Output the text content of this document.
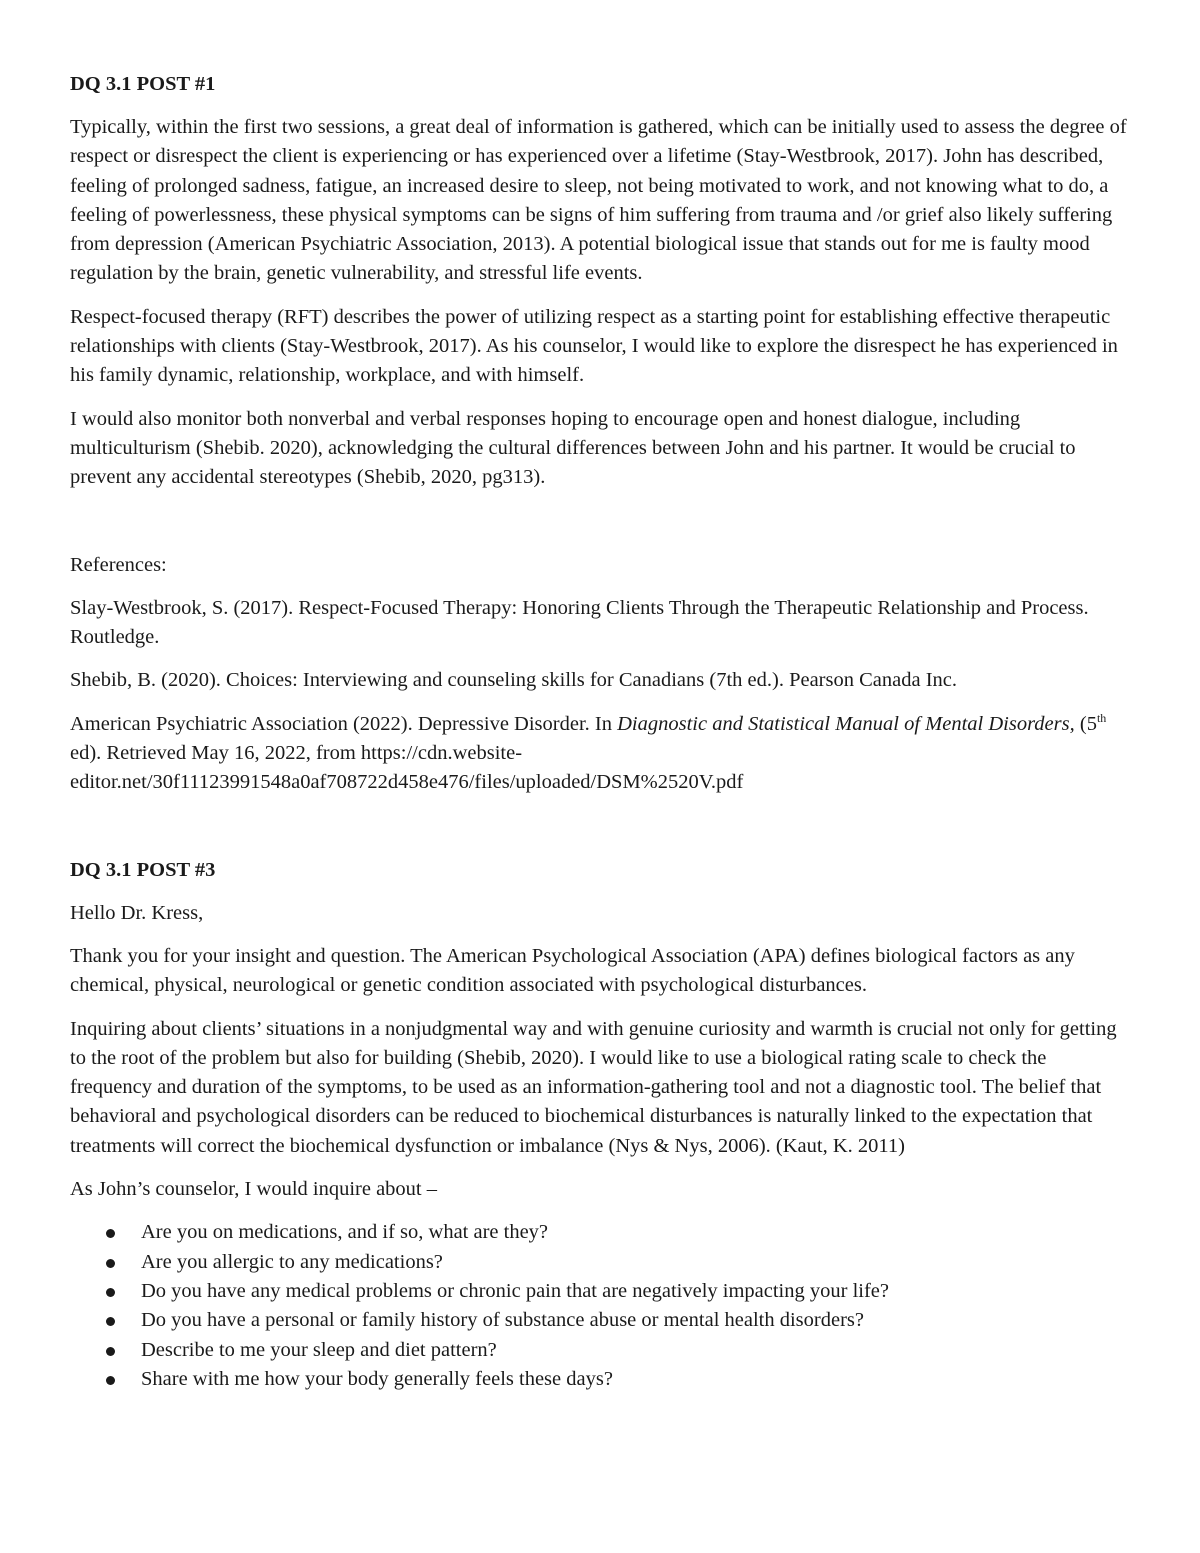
DQ 3.1 POST #1

Typically, within the first two sessions, a great deal of information is gathered, which can be initially used to assess the degree of respect or disrespect the client is experiencing or has experienced over a lifetime (Stay-Westbrook, 2017). John has described, feeling of prolonged sadness, fatigue, an increased desire to sleep, not being motivated to work, and not knowing what to do, a feeling of powerlessness, these physical symptoms can be signs of him suffering from trauma and /or grief also likely suffering from depression (American Psychiatric Association, 2013). A potential biological issue that stands out for me is faulty mood regulation by the brain, genetic vulnerability, and stressful life events.

Respect-focused therapy (RFT) describes the power of utilizing respect as a starting point for establishing effective therapeutic relationships with clients (Stay-Westbrook, 2017). As his counselor, I would like to explore the disrespect he has experienced in his family dynamic, relationship, workplace, and with himself.

I would also monitor both nonverbal and verbal responses hoping to encourage open and honest dialogue, including multiculturism (Shebib. 2020), acknowledging the cultural differences between John and his partner. It would be crucial to prevent any accidental stereotypes (Shebib, 2020, pg313).

References:

Slay-Westbrook, S. (2017). Respect-Focused Therapy: Honoring Clients Through the Therapeutic Relationship and Process. Routledge.

Shebib, B. (2020). Choices: Interviewing and counseling skills for Canadians (7th ed.). Pearson Canada Inc.

American Psychiatric Association (2022). Depressive Disorder. In Diagnostic and Statistical Manual of Mental Disorders, (5th ed). Retrieved May 16, 2022, from https://cdn.website-editor.net/30f11123991548a0af708722d458e476/files/uploaded/DSM%2520V.pdf

DQ 3.1 POST #3

Hello Dr. Kress,

Thank you for your insight and question. The American Psychological Association (APA) defines biological factors as any chemical, physical, neurological or genetic condition associated with psychological disturbances.

Inquiring about clients’ situations in a nonjudgmental way and with genuine curiosity and warmth is crucial not only for getting to the root of the problem but also for building (Shebib, 2020). I would like to use a biological rating scale to check the frequency and duration of the symptoms, to be used as an information-gathering tool and not a diagnostic tool. The belief that behavioral and psychological disorders can be reduced to biochemical disturbances is naturally linked to the expectation that treatments will correct the biochemical dysfunction or imbalance (Nys & Nys, 2006). (Kaut, K. 2011)

As John’s counselor, I would inquire about –

Are you on medications, and if so, what are they?
Are you allergic to any medications?
Do you have any medical problems or chronic pain that are negatively impacting your life?
Do you have a personal or family history of substance abuse or mental health disorders?
Describe to me your sleep and diet pattern?
Share with me how your body generally feels these days?
